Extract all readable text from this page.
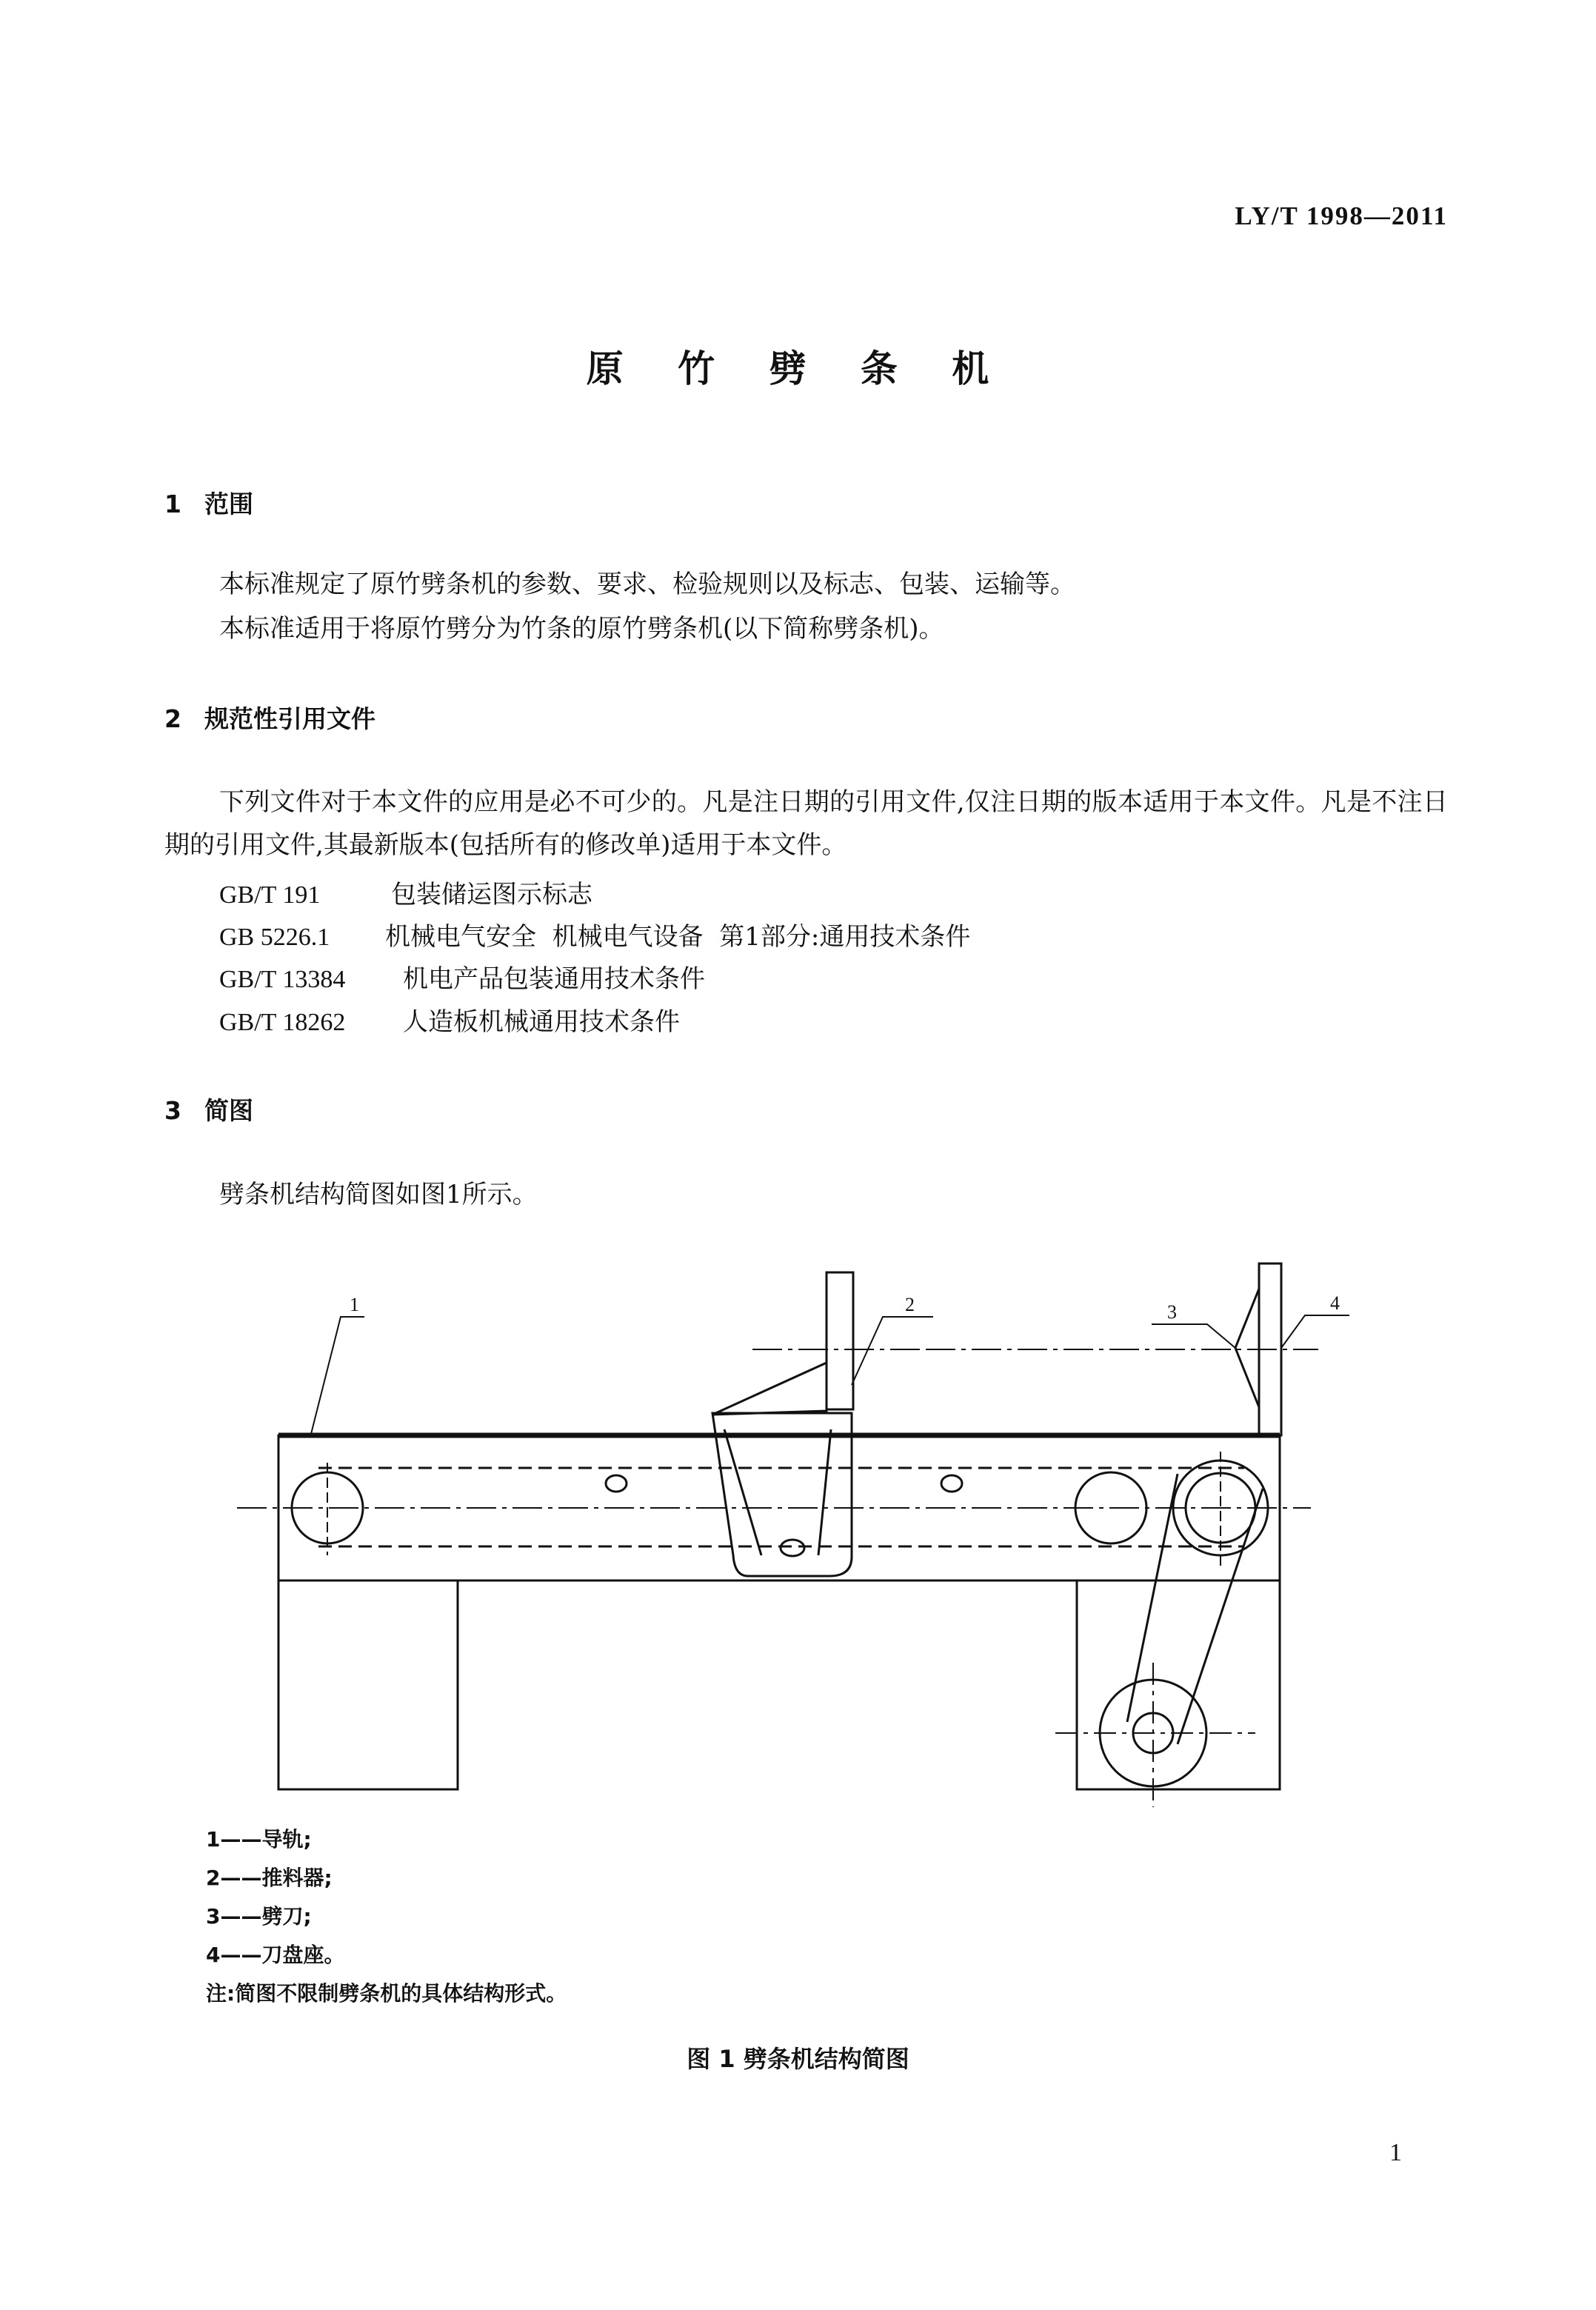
LY/T 1998—2011
原 竹 劈 条 机
1 范围
本标准规定了原竹劈条机的参数、要求、检验规则以及标志、包装、运输等。
本标准适用于将原竹劈分为竹条的原竹劈条机(以下简称劈条机)。
2 规范性引用文件
下列文件对于本文件的应用是必不可少的。凡是注日期的引用文件,仅注日期的版本适用于本文件。凡是不注日期的引用文件,其最新版本(包括所有的修改单)适用于本文件。
GB/T 191	包装储运图示标志
GB 5226.1 机械电气安全  机械电气设备  第1部分:通用技术条件
GB/T 13384 机电产品包装通用技术条件
GB/T 18262 人造板机械通用技术条件
3 简图
劈条机结构简图如图1所示。
1	2	3	4
1——导轨;
2——推料器;
3——劈刀;
4——刀盘座。
注:简图不限制劈条机的具体结构形式。
图 1 劈条机结构简图
1
